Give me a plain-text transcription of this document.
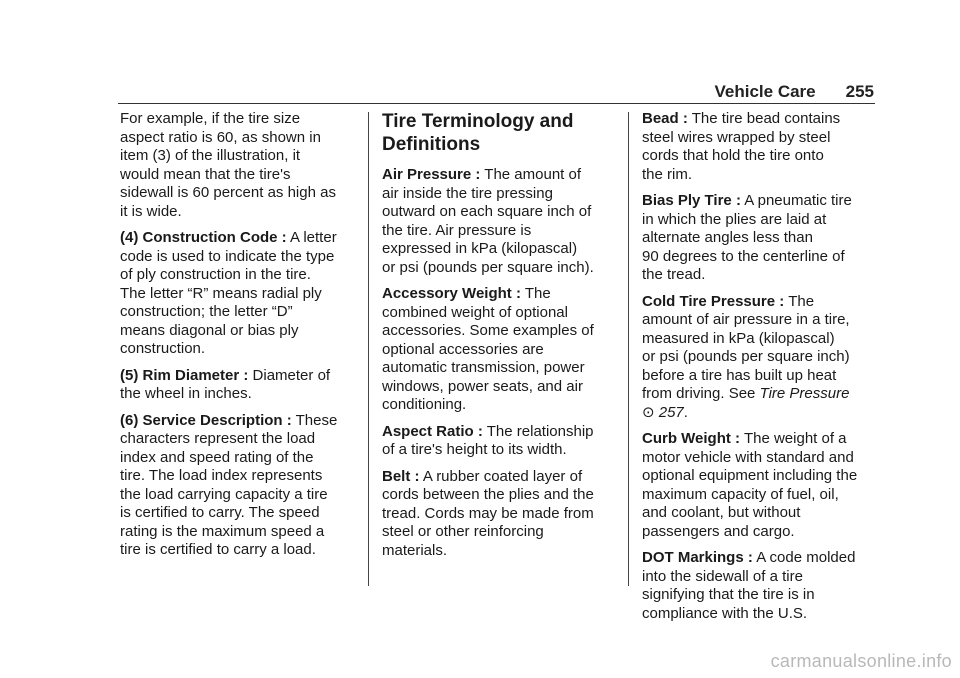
Vehicle Care 255

For example, if the tire size
aspect ratio is 60, as shown in
item (3) of the illustration, it
would mean that the tire's
sidewall is 60 percent as high as
it is wide.

(4) Construction Code : A letter
code is used to indicate the type
of ply construction in the tire.
The letter “R” means radial ply
construction; the letter “D”
means diagonal or bias ply
construction.

(5) Rim Diameter : Diameter of
the wheel in inches.

(6) Service Description : These
characters represent the load
index and speed rating of the
tire. The load index represents
the load carrying capacity a tire
is certified to carry. The speed
rating is the maximum speed a
tire is certified to carry a load.

Tire Terminology and
Definitions

Air Pressure : The amount of
air inside the tire pressing
outward on each square inch of
the tire. Air pressure is
expressed in kPa (kilopascal)
or psi (pounds per square inch).

Accessory Weight : The
combined weight of optional
accessories. Some examples of
optional accessories are
automatic transmission, power
windows, power seats, and air
conditioning.

Aspect Ratio : The relationship
of a tire's height to its width.

Belt : A rubber coated layer of
cords between the plies and the
tread. Cords may be made from
steel or other reinforcing
materials.

Bead : The tire bead contains
steel wires wrapped by steel
cords that hold the tire onto
the rim.

Bias Ply Tire : A pneumatic tire
in which the plies are laid at
alternate angles less than
90 degrees to the centerline of
the tread.

Cold Tire Pressure : The
amount of air pressure in a tire,
measured in kPa (kilopascal)
or psi (pounds per square inch)
before a tire has built up heat
from driving. See Tire Pressure
⊙ 257.

Curb Weight : The weight of a
motor vehicle with standard and
optional equipment including the
maximum capacity of fuel, oil,
and coolant, but without
passengers and cargo.

DOT Markings : A code molded
into the sidewall of a tire
signifying that the tire is in
compliance with the U.S.

carmanualsonline.info
